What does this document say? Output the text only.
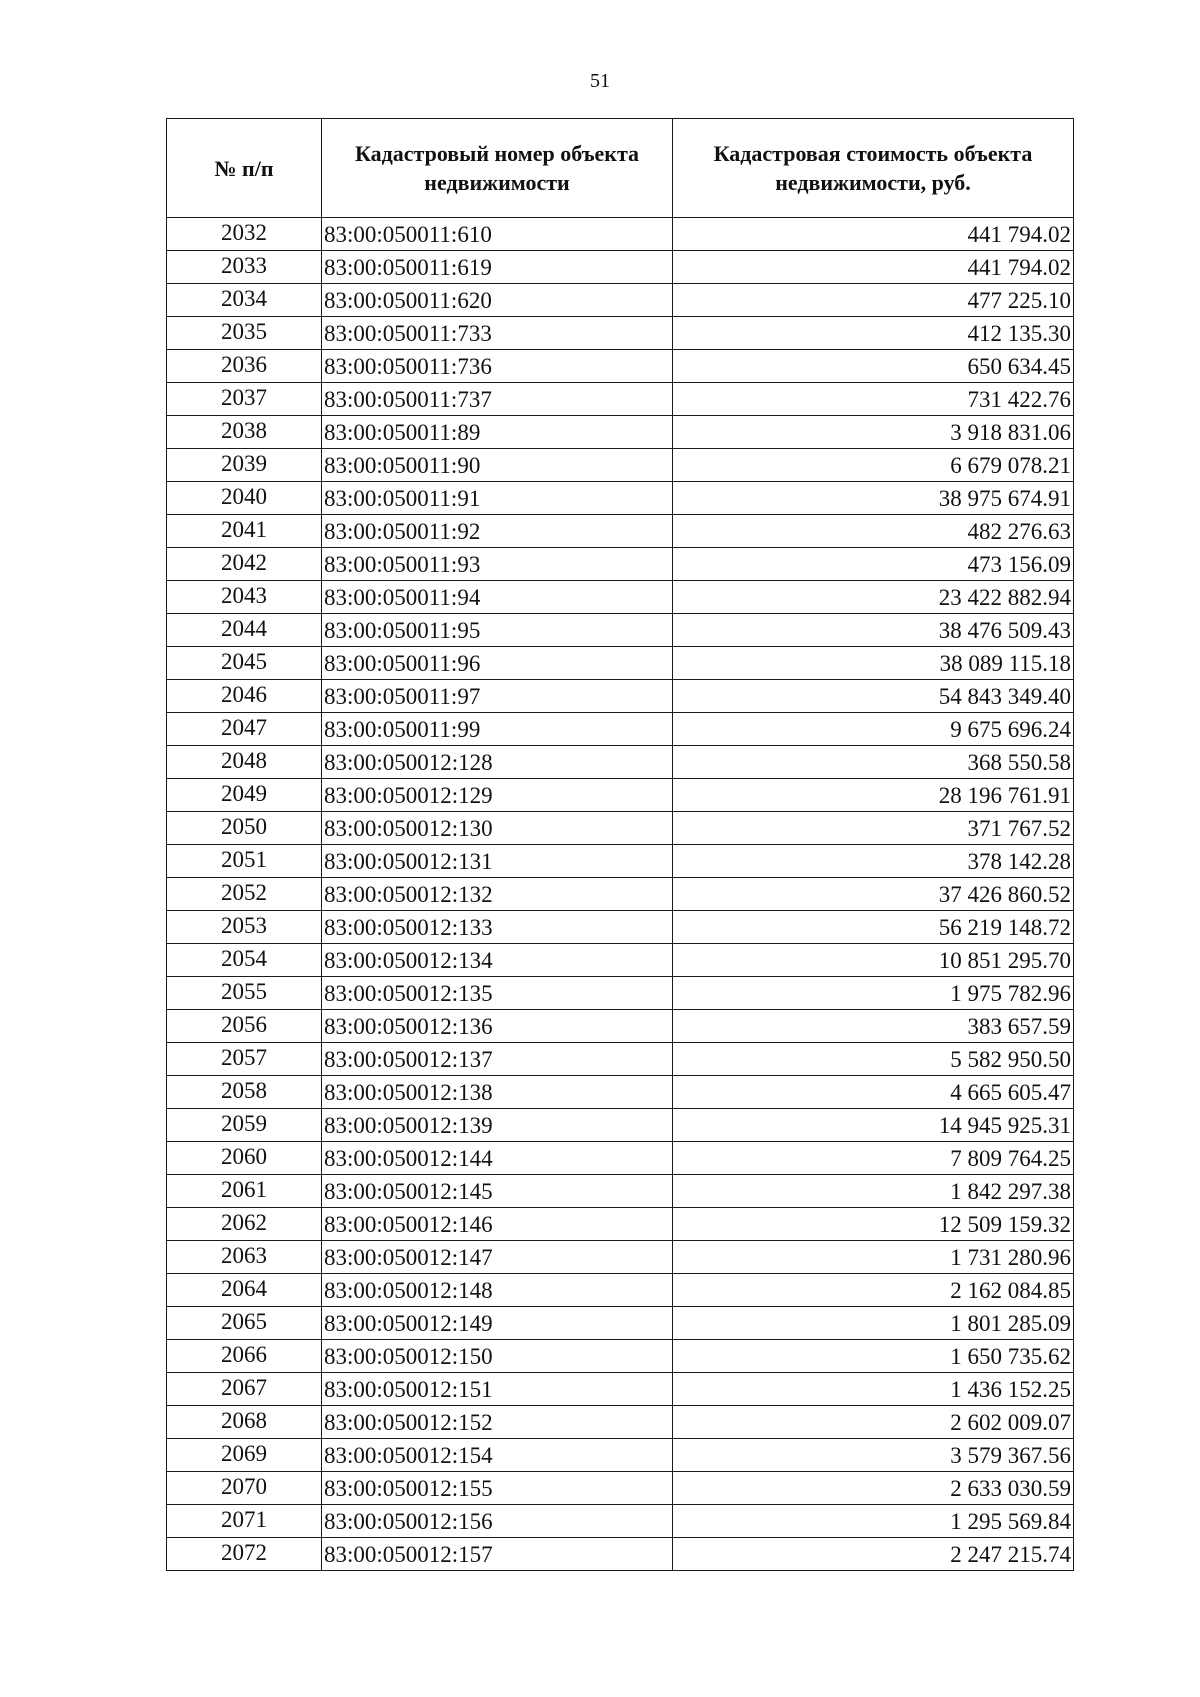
51
№ п/п	Кадастровый номер объекта недвижимости	Кадастровая стоимость объекта недвижимости, руб.
2032	83:00:050011:610	441 794.02
2033	83:00:050011:619	441 794.02
2034	83:00:050011:620	477 225.10
2035	83:00:050011:733	412 135.30
2036	83:00:050011:736	650 634.45
2037	83:00:050011:737	731 422.76
2038	83:00:050011:89	3 918 831.06
2039	83:00:050011:90	6 679 078.21
2040	83:00:050011:91	38 975 674.91
2041	83:00:050011:92	482 276.63
2042	83:00:050011:93	473 156.09
2043	83:00:050011:94	23 422 882.94
2044	83:00:050011:95	38 476 509.43
2045	83:00:050011:96	38 089 115.18
2046	83:00:050011:97	54 843 349.40
2047	83:00:050011:99	9 675 696.24
2048	83:00:050012:128	368 550.58
2049	83:00:050012:129	28 196 761.91
2050	83:00:050012:130	371 767.52
2051	83:00:050012:131	378 142.28
2052	83:00:050012:132	37 426 860.52
2053	83:00:050012:133	56 219 148.72
2054	83:00:050012:134	10 851 295.70
2055	83:00:050012:135	1 975 782.96
2056	83:00:050012:136	383 657.59
2057	83:00:050012:137	5 582 950.50
2058	83:00:050012:138	4 665 605.47
2059	83:00:050012:139	14 945 925.31
2060	83:00:050012:144	7 809 764.25
2061	83:00:050012:145	1 842 297.38
2062	83:00:050012:146	12 509 159.32
2063	83:00:050012:147	1 731 280.96
2064	83:00:050012:148	2 162 084.85
2065	83:00:050012:149	1 801 285.09
2066	83:00:050012:150	1 650 735.62
2067	83:00:050012:151	1 436 152.25
2068	83:00:050012:152	2 602 009.07
2069	83:00:050012:154	3 579 367.56
2070	83:00:050012:155	2 633 030.59
2071	83:00:050012:156	1 295 569.84
2072	83:00:050012:157	2 247 215.74
